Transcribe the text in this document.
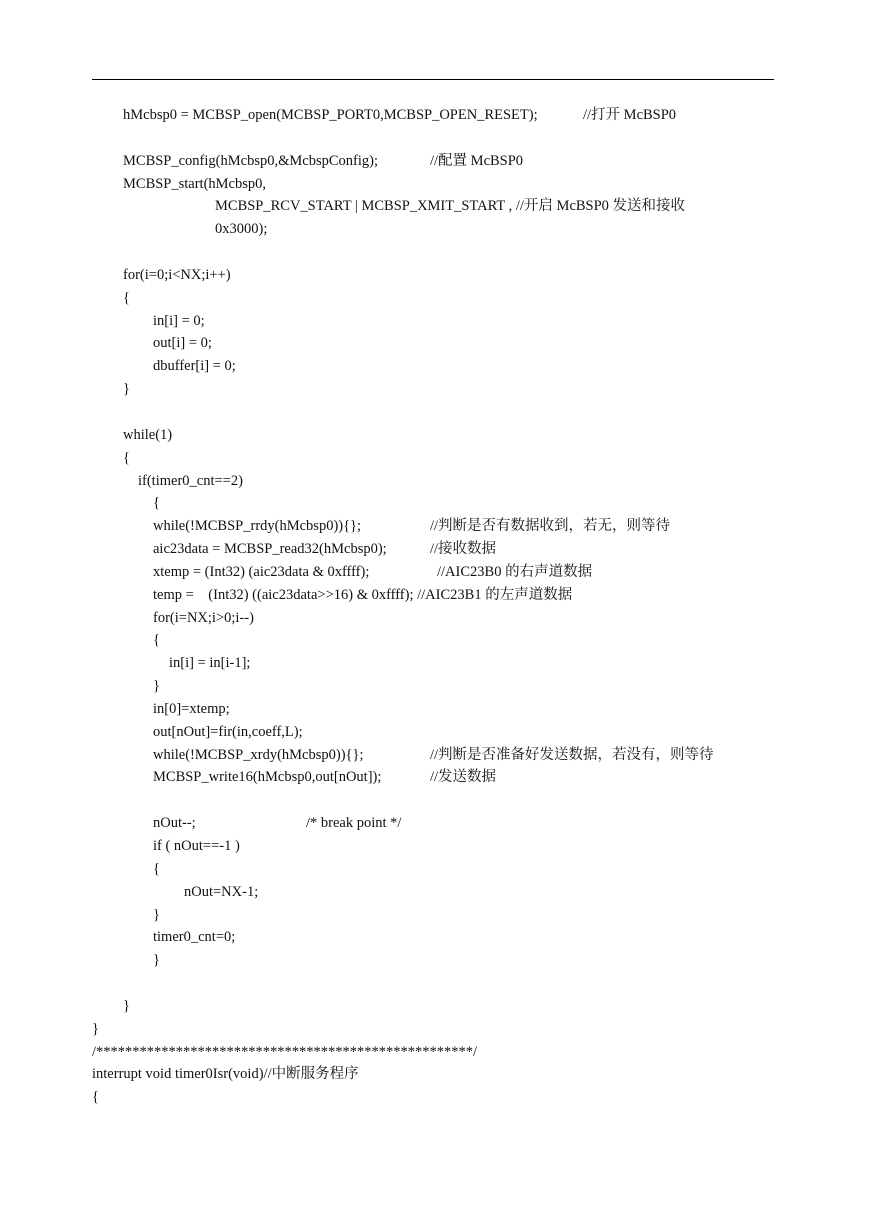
hMcbsp0 = MCBSP_open(MCBSP_PORT0,MCBSP_OPEN_RESET);	//打开 McBSP0
MCBSP_config(hMcbsp0,&McbspConfig);	//配置 McBSP0
MCBSP_start(hMcbsp0,
MCBSP_RCV_START | MCBSP_XMIT_START , //开启 McBSP0 发送和接收
0x3000);
for(i=0;i<NX;i++)
{
in[i] = 0;
out[i] = 0;
dbuffer[i] = 0;
}
while(1)
{
if(timer0_cnt==2)
{
while(!MCBSP_rrdy(hMcbsp0)){};	//判断是否有数据收到，若无，则等待
aic23data = MCBSP_read32(hMcbsp0);	//接收数据
xtemp = (Int32) (aic23data & 0xffff);	//AIC23B0 的右声道数据
temp =    (Int32) ((aic23data>>16) & 0xffff); //AIC23B1 的左声道数据
for(i=NX;i>0;i--)
{
in[i] = in[i-1];
}
in[0]=xtemp;
out[nOut]=fir(in,coeff,L);
while(!MCBSP_xrdy(hMcbsp0)){};	//判断是否准备好发送数据，若没有，则等待
MCBSP_write16(hMcbsp0,out[nOut]);	//发送数据
nOut--;	/* break point */
if ( nOut==-1 )
{
nOut=NX-1;
}
timer0_cnt=0;
}
}
}
/****************************************************/
interrupt void timer0Isr(void)//中断服务程序
{
